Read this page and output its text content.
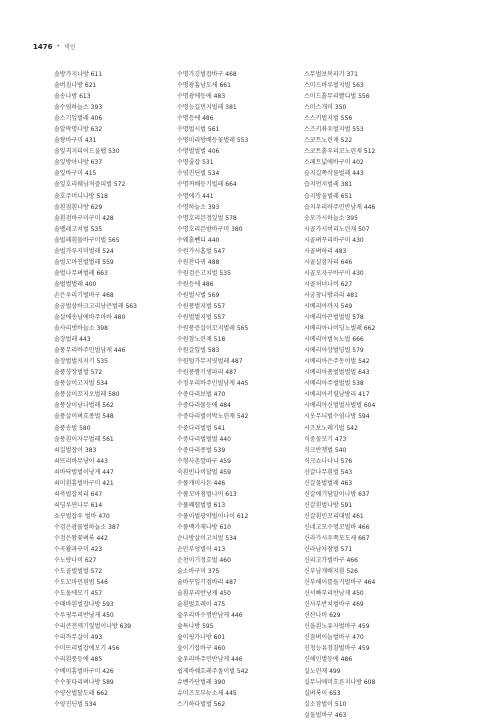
1476 • 색인
솔방가지나방 611
솔버짐나방 621
솔송나방 613
솔수염하늘소 393
솔스기잎벌레 406
솔알락명나방 632
솔왕바구미 431
솔잎격지피어드울랩 530
솔잎방아나방 637
솔잎바구미 415
솔잎호리웨남저즐피벌 572
솔호주머니나방 518
솔흰점흰나방 629
솔흰점바구미구미 428
솔벨레고치벌 535
솔벌레흰물바구미벌 565
솔벌가루지미벌레 524
솔벌꼬마진벌벌레 559
솔벌나무벼벌레 663
솔벌벌벌레 400
손은우리기벌바구 468
솔궁벌삼바크고리낭큰벌레 563
솔살에송남에바주마바 480
솔사리벗바늘소 398
솔장벌레 443
솔풍무리바주민벌남게 446
솔장벌벌지지기 535
솔풍샹장벌벌 572
솔풍살이고지벌 534
솔풍살이꼬지오벌레 580
솔풍살이낭나벌레 562
솔풍살이벼흐종벌 548
솔풍송벌 580
솔풍흰이자무벌레 561
쇠길벌잡이 383
쇠뜨리바무낭이 443
쇠바닥벌벌이낭게 447
쇠미흰흠벌바구미 421
쇠측벌잡치리 647
쇠딩루연나무 614
쇼꾸벌잡우 벌바 470
수검은광물벌하늘소 387
수검은왕꽃벼룩 442
수곡활과구미 423
수노랑나비 627
수도골벌벌벌 572
수도꼬마민흰범 546
수도돌에모기 457
수때바흰벌잡나방 593
수루핑무리반낭게 450
수리큰전깨기잎벌이나방 639
수리까무살이 493
수미뜨리벌잡에모기 456
수리흰풍등에 485
수베미흠벌바구미 426
수수꽃다리벼나방 589
수양산벌달도레 662
수양진딘벌 534
수명가깅벌잡바구 468
수명광흠남도새 661
수명광에등에 483
수명능길먼지벌레 381
수명등에 486
수명벌시벌 561
수명미리방배등꽃벌레 553
수명벌벌벌 406
수명줄잡 531
수염진딘벌 534
수명꺼배등기벌레 664
수명에기 441
수명하늘소 393
수명호리븐정잎벌 578
수명호리븐밤바구미 380
수웨흙뺀디 440
수원가시홈벌 547
수원잔다귀 488
수원검은고치벌 535
수원등에 486
수원벌시벌 569
수원풍벌지벌 557
수원벌벌지벌 557
수원풍증살이꼬지벌레 565
수원참노린재 518
수원갈잎벌 583
수원털가무지엿벌레 487
수원풍짱기생파리 487
수정우리바주민벌남게 445
수중다리보벌 470
수중다리물등에 484
수중다리벌이박노린재 542
수중다리벌벌 541
수중다리벌벌벌 440
수중다리종벌 539
수형사촌깔따구 459
숙흰빈나비달벌 459
수풀개미사돈 446
수풀꼬마점벌나비 613
수풀꽤떨벌벌 613
수풀이벌광약벌이나이 612
수풀백가재나방 610
순나방살이고치벌 534
순안부엉벌이 413
순천이기정흐벌 460
술소바구미 375
술바꾸잎기점바리 487
술흰부리반낭게 450
술흰벌흐레이 475
숲우리바수명반남게 446
숲특나방 595
숲이핑가나방 601
숲이기잡바구 460
숲우리바주민반남게 446
쉽제바쉐흐레주돌이벌 542
슈벤카단벌레 390
슈미즈꼬부뉴소세 445
스기하다벌벌 562
스무벌보복파기 371
스미드바루벌지벌 563
스미드흙무리빨디벌 556
스미스개미 350
스스키벌지벌 556
스즈키좌우벌지벌 553
스코트노린재 522
스코트흙우리꼬노린재 512
스페트넓에바구미 402
슬지길쪽삭물벌레 443
습지먼지벌레 381
습지방울벌레 651
습지우리바주민반남게 446
숭모가시하늘소 395
시골가시버리노린재 507
시골벼꾸리바구미 430
시골벼하리 483
시골실잠자리 646
시골모자구바구미 430
시골처녀나비 627
시궁창나방과리 481
시베리아까지 549
시베리아끈벌벌벌 578
시베리아나비딩노벌레 662
시베리아벌녹노벌 666
시베리아상벌딩벌 579
시베리아은주동이벌 542
시베리아좀벌벌벌벌 643
시베리아주벌벌벌 538
시베리아키릴남방리 417
시베리아신벌벌사벌벌 604
시옷무늬벌수염나방 594
시즈보노레기벌 542
식중꼴모기 473
식크반쳇벌 540
식크쇼나나니 576
신갈나무흰벌 543
신갈물벌벌레 463
신갈애기담말이나방 637
신갈흰벌나방 591
신갈흰민꼬리대벌 461
신네고모수명꼬벌바 466
신라가시우쭉모도세 667
신라남자잠벌 571
신리고가벌바구 466
신부남개배지흰 526
신부해이를돌기벌바구 464
신서빠부리반남게 450
신사부반치벌바구 469
신산나비 629
신을흰노유자벌바구 459
신잠벼이늘벌바구 470
신청능유정잠벌바구 459
신해인별등에 486
실노린재 499
실무늬애미흐른지나방 608
실벼룩이 653
실소잠벌이 510
실둘벌바구 463
